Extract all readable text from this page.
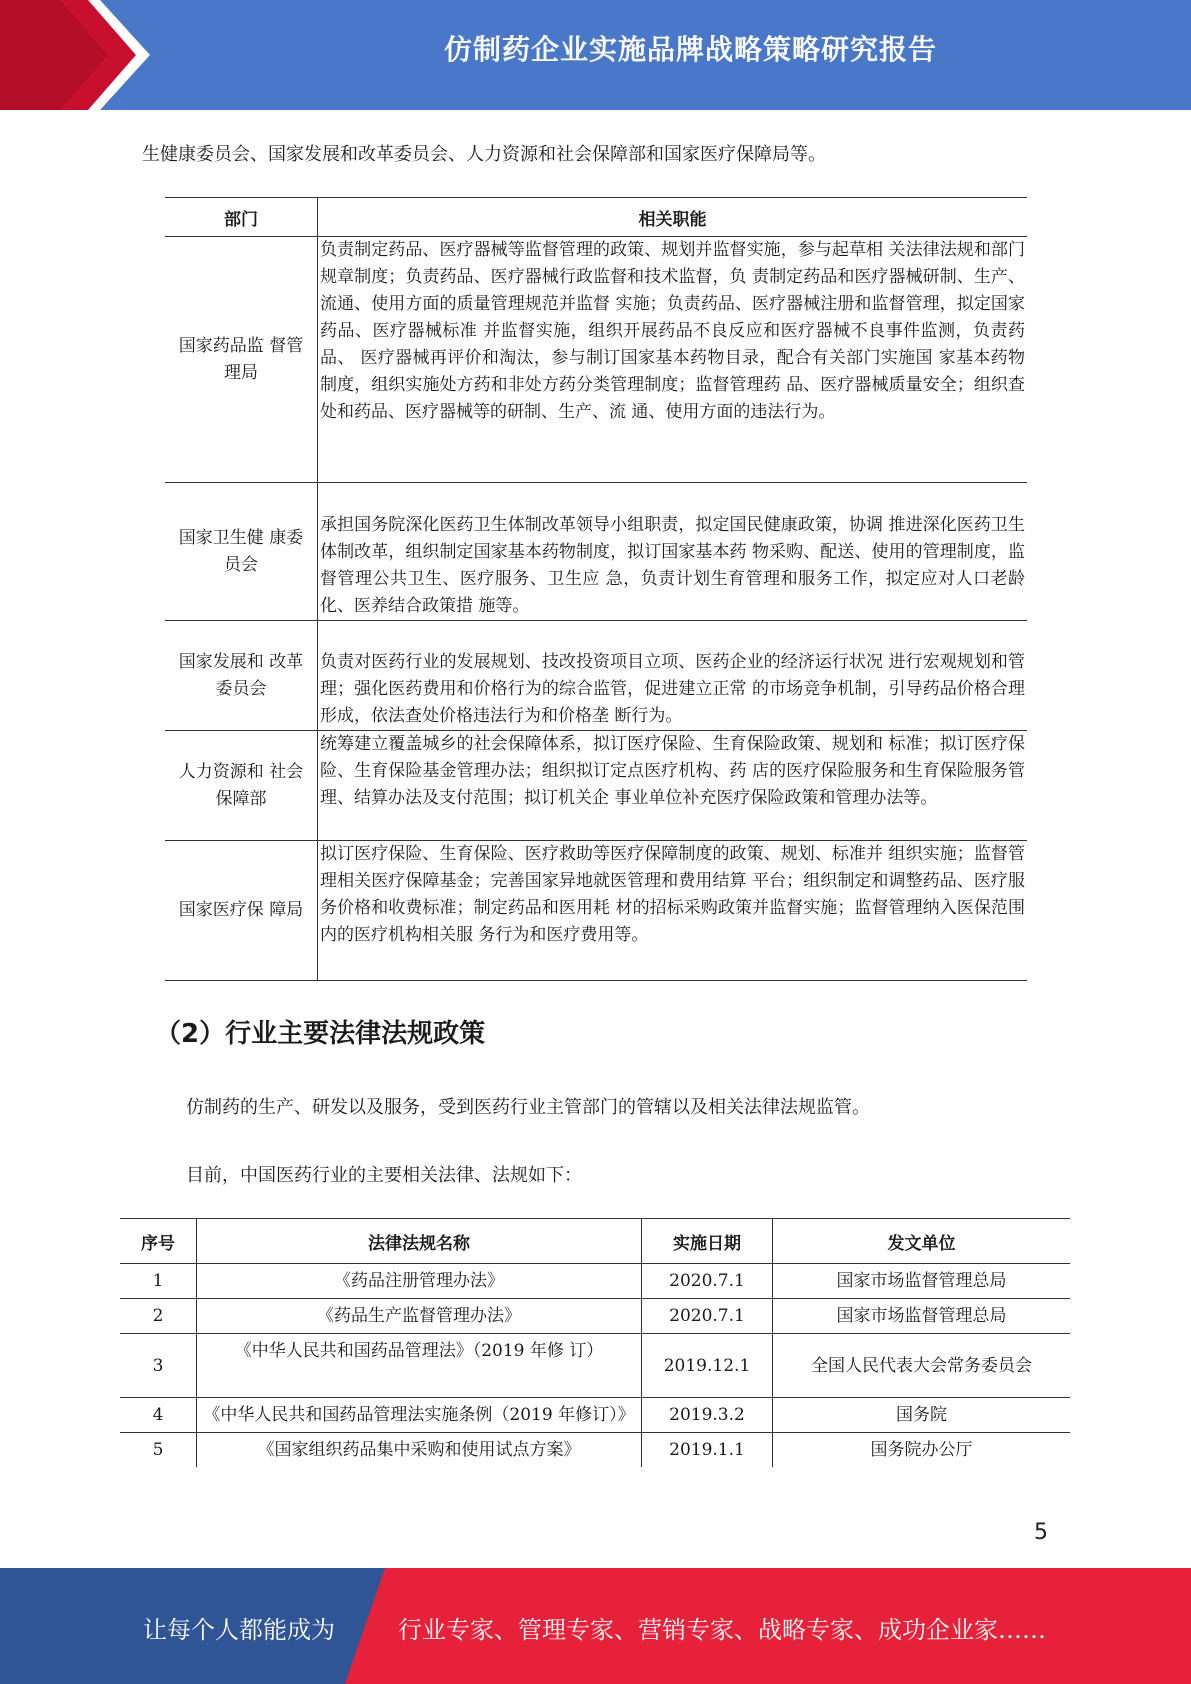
仿制药企业实施品牌战略策略研究报告
生健康委员会、国家发展和改革委员会、人力资源和社会保障部和国家医疗保障局等。
部门	相关职能
国家药品监 督管理局	负责制定药品、医疗器械等监督管理的政策、规划并监督实施，参与起草相 关法律法规和部门规章制度；负责药品、医疗器械行政监督和技术监督，负 责制定药品和医疗器械研制、生产、流通、使用方面的质量管理规范并监督 实施；负责药品、医疗器械注册和监督管理，拟定国家药品、医疗器械标准 并监督实施，组织开展药品不良反应和医疗器械不良事件监测，负责药品、 医疗器械再评价和淘汰，参与制订国家基本药物目录，配合有关部门实施国 家基本药物制度，组织实施处方药和非处方药分类管理制度；监督管理药 品、医疗器械质量安全；组织查处和药品、医疗器械等的研制、生产、流 通、使用方面的违法行为。
国家卫生健 康委员会	承担国务院深化医药卫生体制改革领导小组职责，拟定国民健康政策，协调 推进深化医药卫生体制改革，组织制定国家基本药物制度，拟订国家基本药 物采购、配送、使用的管理制度，监督管理公共卫生、医疗服务、卫生应 急，负责计划生育管理和服务工作，拟定应对人口老龄化、医养结合政策措 施等。
国家发展和 改革委员会	负责对医药行业的发展规划、技改投资项目立项、医药企业的经济运行状况 进行宏观规划和管理；强化医药费用和价格行为的综合监管，促进建立正常 的市场竞争机制，引导药品价格合理形成，依法查处价格违法行为和价格垄 断行为。
人力资源和 社会保障部	统筹建立覆盖城乡的社会保障体系，拟订医疗保险、生育保险政策、规划和 标准；拟订医疗保险、生育保险基金管理办法；组织拟订定点医疗机构、药 店的医疗保险服务和生育保险服务管理、结算办法及支付范围；拟订机关企 事业单位补充医疗保险政策和管理办法等。
国家医疗保 障局	拟订医疗保险、生育保险、医疗救助等医疗保障制度的政策、规划、标准并 组织实施；监督管理相关医疗保障基金；完善国家异地就医管理和费用结算 平台；组织制定和调整药品、医疗服务价格和收费标准；制定药品和医用耗 材的招标采购政策并监督实施；监督管理纳入医保范围内的医疗机构相关服 务行为和医疗费用等。
（2）行业主要法律法规政策
仿制药的生产、研发以及服务，受到医药行业主管部门的管辖以及相关法律法规监管。
目前，中国医药行业的主要相关法律、法规如下：
序号	法律法规名称	实施日期	发文单位
1	《药品注册管理办法》	2020.7.1	国家市场监督管理总局
2	《药品生产监督管理办法》	2020.7.1	国家市场监督管理总局
3	《中华人民共和国药品管理法》（2019 年修 订）	2019.12.1	全国人民代表大会常务委员会
4	《中华人民共和国药品管理法实施条例（2019 年修订）》	2019.3.2	国务院
5	《国家组织药品集中采购和使用试点方案》	2019.1.1	国务院办公厅
5
让每个人都能成为	行业专家、管理专家、营销专家、战略专家、成功企业家……
